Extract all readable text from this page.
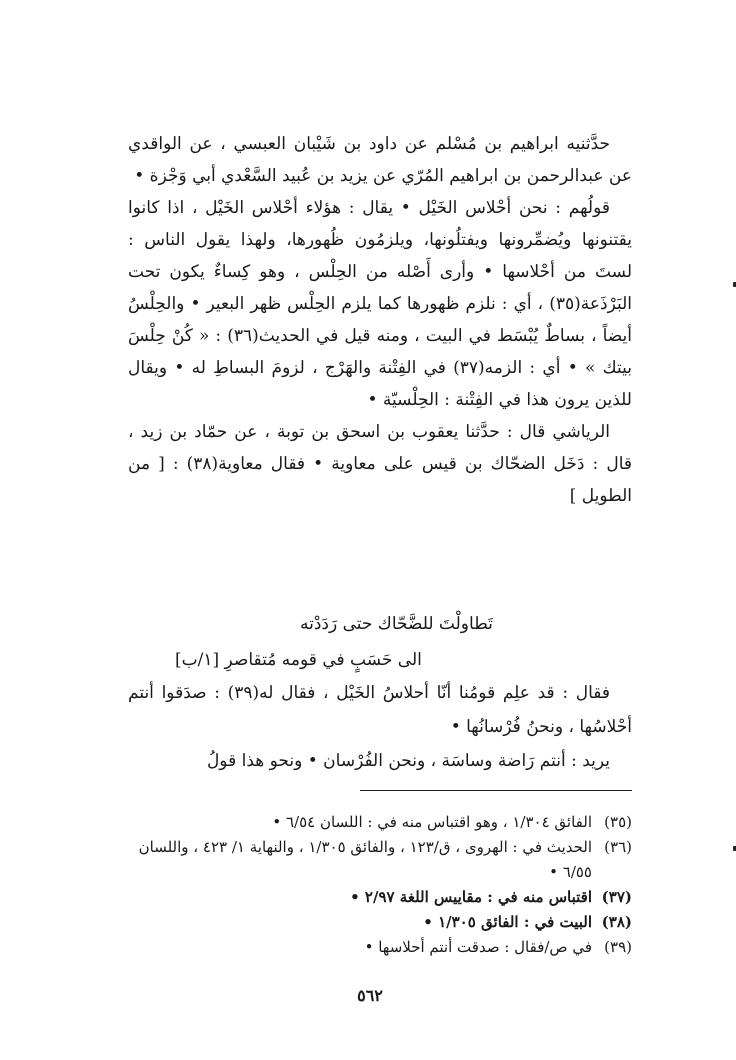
حدَّثنيه ابراهيم بن مُسْلم عن داود بن شَيْبان العبسي ، عن الواقدي عن عبدالرحمن بن ابراهيم المُرّي عن يزيد بن عُبيد السَّعْدي أبي وَجْزة •

قولُهم : نحن أحْلاس الخَيْل • يقال : هؤلاء أحْلاس الخَيْل ، اذا كانوا يقتنونها ويُضمِّرونها ويفتلُونها، ويلزمُون ظُهورها، ولهذا يقول الناس : لستَ من أحْلاسها • وأرى أَصْله من الحِلْس ، وهو كِساءٌ يكون تحت البَرْذَعة(٣٥) ، أي : نلزم ظهورها كما يلزم الحِلْس ظهر البعير • والحِلْسُ أيضاً ، بساطٌ يُبْسَط في البيت ، ومنه قيل في الحديث(٣٦) : « كُنْ حِلْسَ بيتك » • أي : الزمه(٣٧) في الفِتْنة والهَرْج ، لزومَ البساطِ له • ويقال للذين يرون هذا في الفِتْنة : الحِلْسيّة •

الرياشي قال : حدَّثنا يعقوب بن اسحق بن توبة ، عن حمّاد بن زيد ، قال : دَخَل الضحّاك بن قيس على معاوية • فقال معاوية(٣٨) : [ من الطويل ]

تَطاولْتَ للضَّحّاك حتى رَدَدْته
الى حَسَبٍ في قومه مُتقاصرِ [١/ب]

فقال : قد علِم قومُنا أنّا أحلاسُ الخَيْل ، فقال له(٣٩) : صدَقوا أنتم أحْلاسُها ، ونحنُ فُرْسانُها •

يريد : أنتم رَاضة وساسَة ، ونحن الفُرْسان • ونحو هذا قولُ

(٣٥)
الفائق ١/٣٠٤ ، وهو اقتباس منه في : اللسان ٦/٥٤ •
(٣٦)
الحديث في : الهروى ، ق/١٢٣ ، والفائق ١/٣٠٥ ، والنهاية ١/ ٤٢٣ ، واللسان ٦/٥٥ •
(٣٧)
اقتباس منه في : مقاييس اللغة ٢/٩٧ •
(٣٨)
البيت في : الفائق ١/٣٠٥ •
(٣٩)
في ص/فقال : صدقت أنتم أحلاسها •
٥٦٢
